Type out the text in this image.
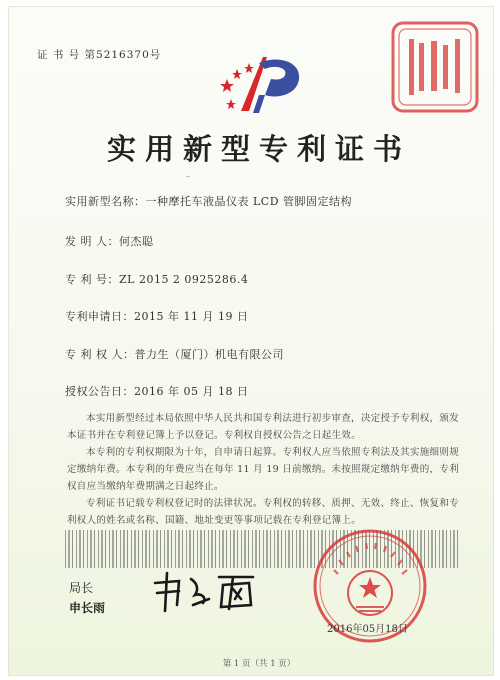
证 书 号 第5216370号
实用新型专利证书
–
实用新型名称：一种摩托车液晶仪表 LCD 管脚固定结构
发 明 人：何杰聪
专 利 号：ZL 2015 2 0925286.4
专利申请日：2015 年 11 月 19 日
专 利 权 人：普力生（厦门）机电有限公司
授权公告日：2016 年 05 月 18 日

本实用新型经过本局依照中华人民共和国专利法进行初步审查，决定授予专利权，颁发本证书并在专利登记簿上予以登记。专利权自授权公告之日起生效。

本专利的专利权期限为十年，自申请日起算。专利权人应当依照专利法及其实施细则规定缴纳年费。本专利的年费应当在每年 11 月 19 日前缴纳。未按照规定缴纳年费的，专利权自应当缴纳年费期满之日起终止。

专利证书记载专利权登记时的法律状况。专利权的转移、质押、无效、终止、恢复和专利权人的姓名或名称、国籍、地址变更等事项记载在专利登记簿上。

局长
申长雨
2016年05月18日
第 1 页（共 1 页）
